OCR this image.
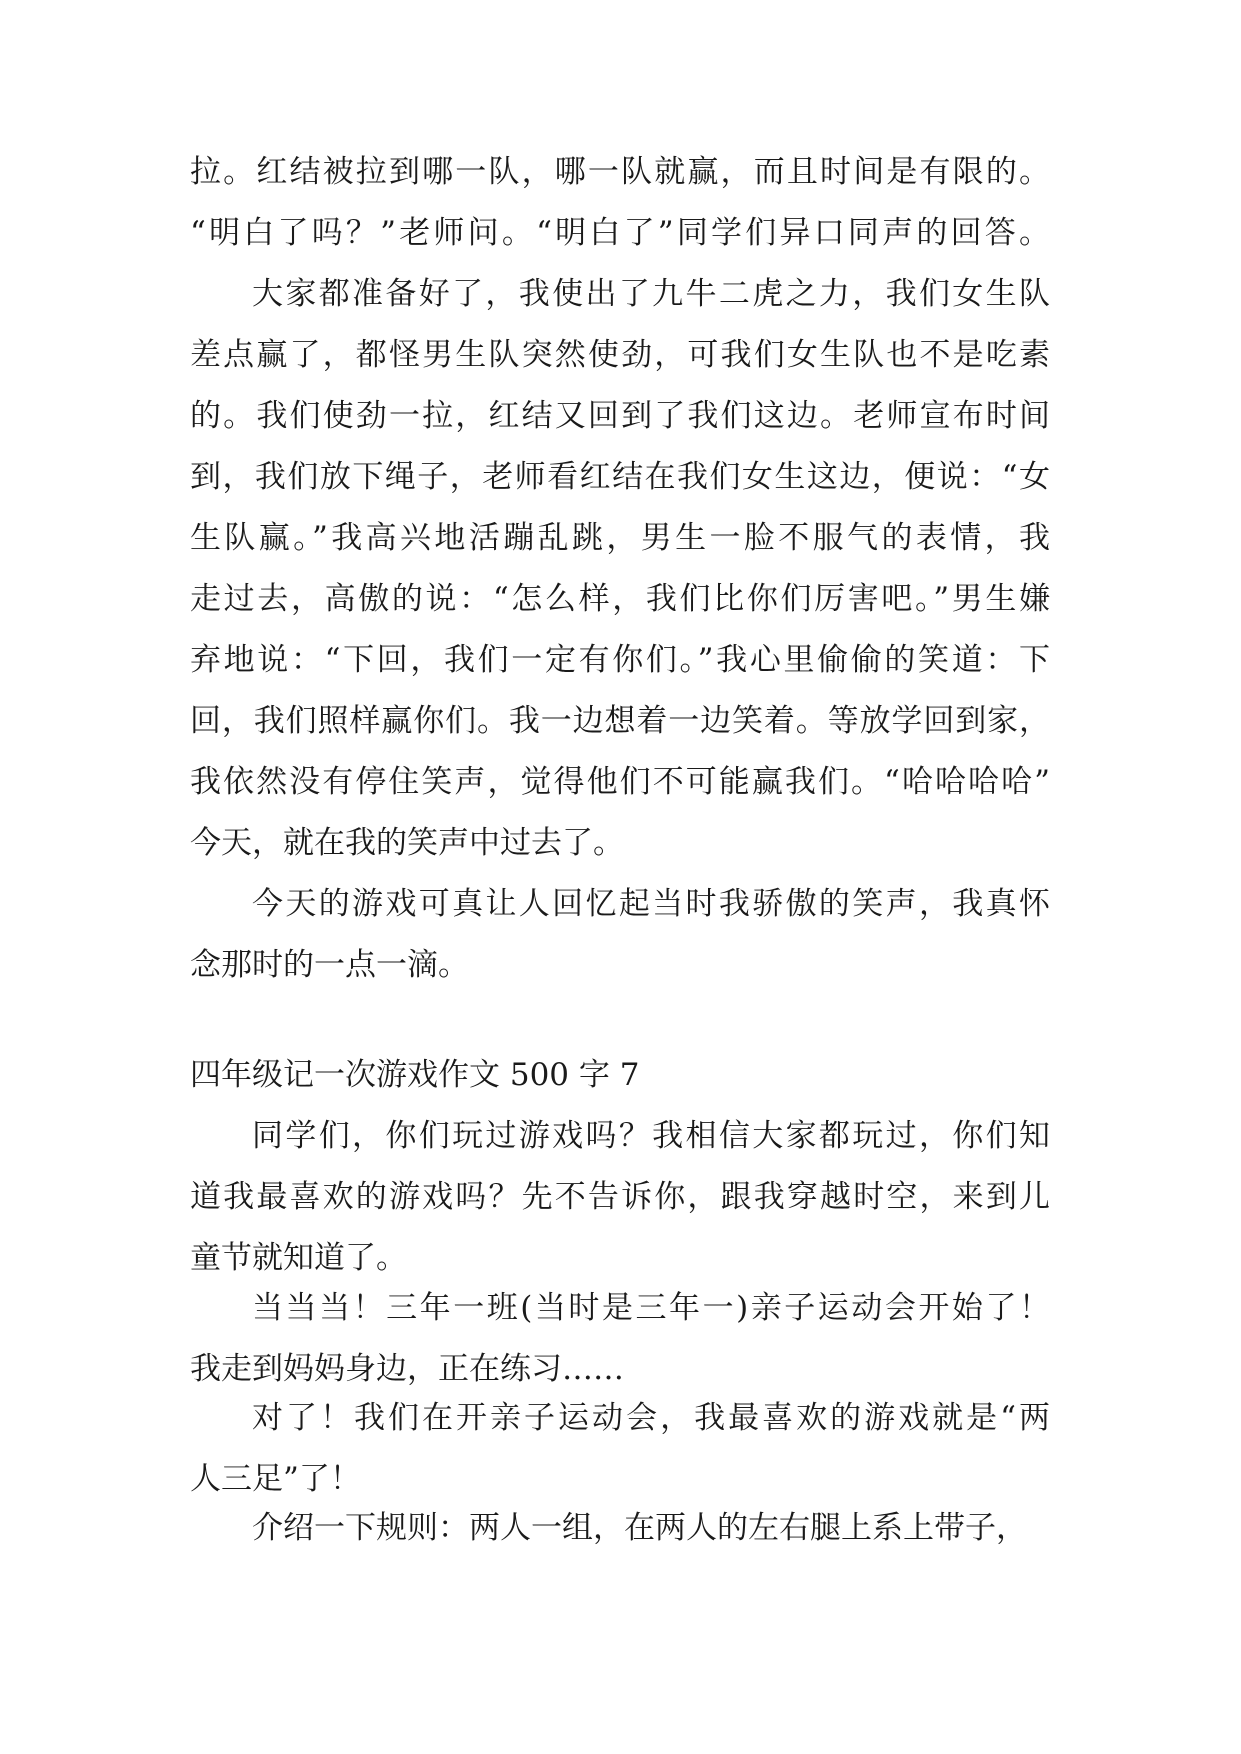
拉。红结被拉到哪一队，哪一队就赢，而且时间是有限的。
“明白了吗？”老师问。“明白了”同学们异口同声的回答。
大家都准备好了，我使出了九牛二虎之力，我们女生队
差点赢了，都怪男生队突然使劲，可我们女生队也不是吃素
的。我们使劲一拉，红结又回到了我们这边。老师宣布时间
到，我们放下绳子，老师看红结在我们女生这边，便说：“女
生队赢。”我高兴地活蹦乱跳，男生一脸不服气的表情，我
走过去，高傲的说：“怎么样，我们比你们厉害吧。”男生嫌
弃地说：“下回，我们一定有你们。”我心里偷偷的笑道：下
回，我们照样赢你们。我一边想着一边笑着。等放学回到家，
我依然没有停住笑声，觉得他们不可能赢我们。“哈哈哈哈”
今天，就在我的笑声中过去了。
今天的游戏可真让人回忆起当时我骄傲的笑声，我真怀
念那时的一点一滴。
四年级记一次游戏作文 500 字 7
同学们，你们玩过游戏吗？我相信大家都玩过，你们知
道我最喜欢的游戏吗？先不告诉你，跟我穿越时空，来到儿
童节就知道了。
当当当！三年一班(当时是三年一)亲子运动会开始了！
我走到妈妈身边，正在练习……
对了！我们在开亲子运动会，我最喜欢的游戏就是“两
人三足”了！
介绍一下规则：两人一组，在两人的左右腿上系上带子，
